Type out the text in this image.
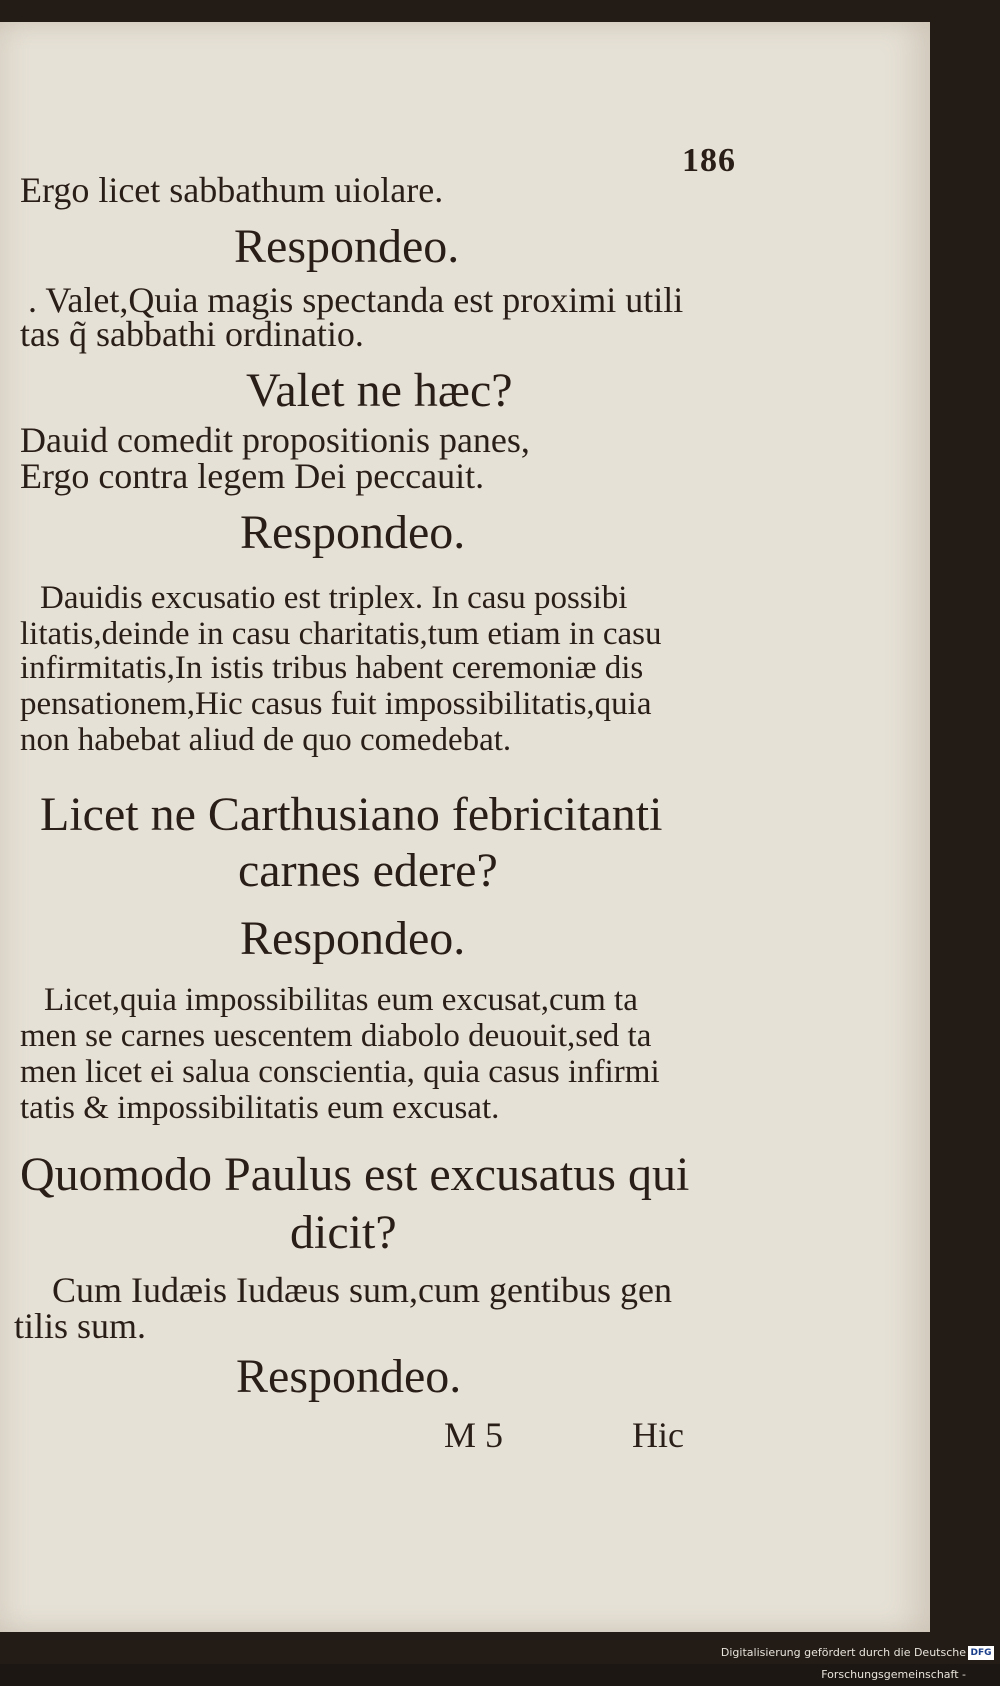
186
Ergo licet sabbathum uiolare.
Respondeo.
. Valet,Quia magis spectanda est proximi utili
tas q̃ sabbathi ordinatio.
Valet ne hæc?
Dauid comedit propositionis panes,
Ergo contra legem Dei peccauit.
Respondeo.
Dauidis excusatio est triplex. In casu possibi
litatis,deinde in casu charitatis,tum etiam in casu
infirmitatis,In istis tribus habent ceremoniæ dis
pensationem,Hic casus fuit impossibilitatis,quia
non habebat aliud de quo comedebat.
Licet ne Carthusiano febricitanti
carnes edere?
Respondeo.
Licet,quia impossibilitas eum excusat,cum ta
men se carnes uescentem diabolo deuouit,sed ta
men licet ei salua conscientia, quia casus infirmi
tatis & impossibilitatis eum excusat.
Quomodo Paulus est excusatus qui
dicit?
Cum Iudæis Iudæus sum,cum gentibus gen
tilis sum.
Respondeo.
M 5	Hic
Digitalisierung gefördert durch die Deutsche Forschungsgemeinschaft -
DFG
